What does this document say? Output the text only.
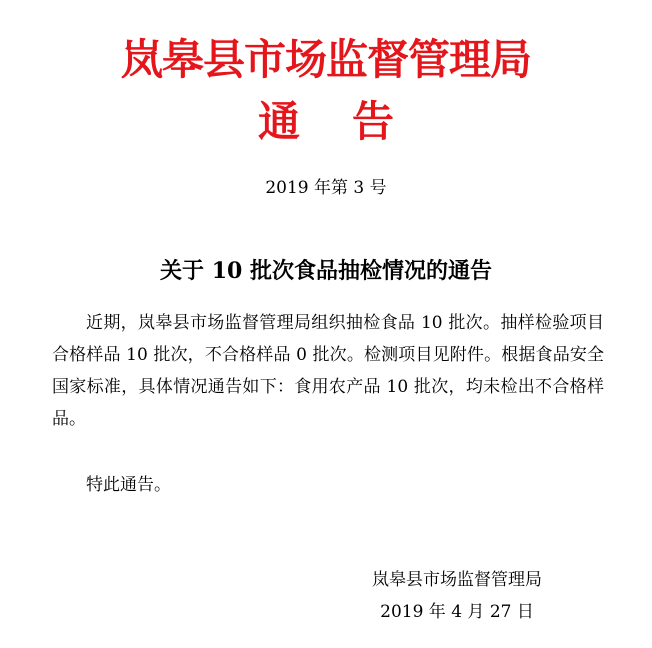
岚皋县市场监督管理局
通告
2019 年第 3 号
关于 10 批次食品抽检情况的通告

近期，岚皋县市场监督管理局组织抽检食品 10 批次。抽样检验项目合格样品 10 批次，不合格样品 0 批次。检测项目见附件。根据食品安全国家标准，具体情况通告如下：食用农产品 10 批次，均未检出不合格样品。

特此通告。

岚皋县市场监督管理局
2019 年 4 月 27 日
